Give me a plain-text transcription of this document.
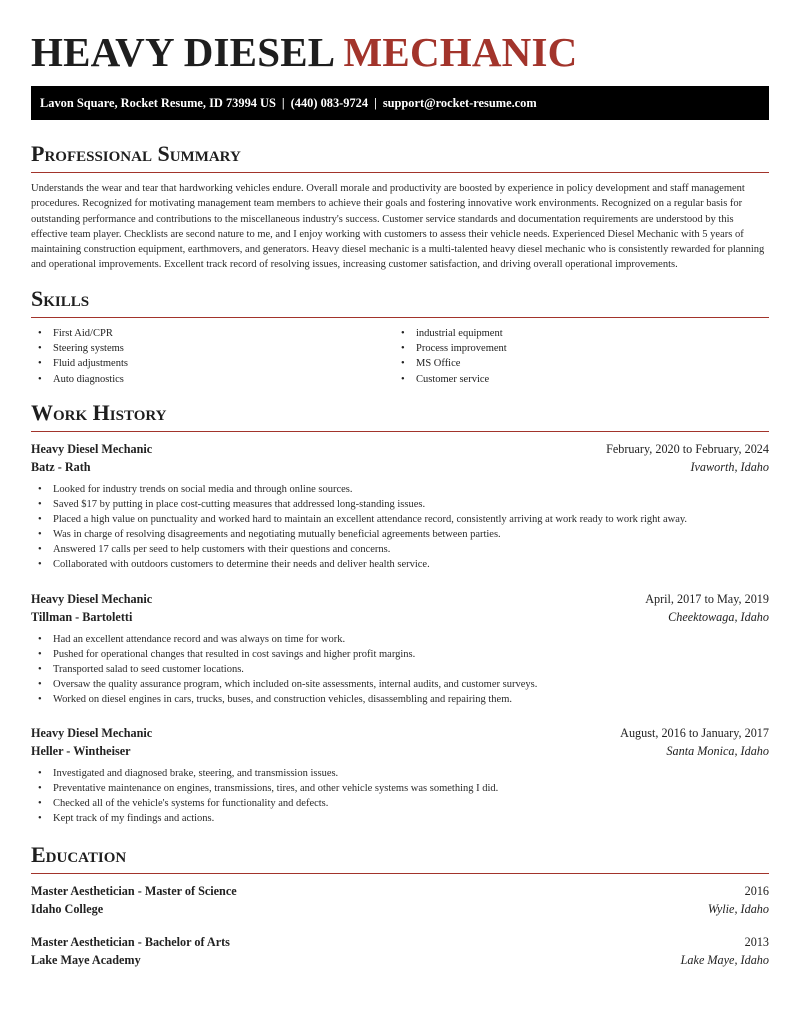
HEAVY DIESEL MECHANIC
Lavon Square, Rocket Resume, ID 73994 US | (440) 083-9724 | support@rocket-resume.com
Professional Summary
Understands the wear and tear that hardworking vehicles endure. Overall morale and productivity are boosted by experience in policy development and staff management procedures. Recognized for motivating management team members to achieve their goals and fostering innovative work environments. Recognized on a regular basis for outstanding performance and contributions to the miscellaneous industry's success. Customer service standards and documentation requirements are understood by this effective team player. Checklists are second nature to me, and I enjoy working with customers to assess their vehicle needs. Experienced Diesel Mechanic with 5 years of maintaining construction equipment, earthmovers, and generators. Heavy diesel mechanic is a multi-talented heavy diesel mechanic who is consistently rewarded for planning and operational improvements. Excellent track record of resolving issues, increasing customer satisfaction, and driving overall operational improvements.
Skills
• First Aid/CPR
• Steering systems
• Fluid adjustments
• Auto diagnostics
• industrial equipment
• Process improvement
• MS Office
• Customer service
Work History
Heavy Diesel Mechanic	February, 2020 to February, 2024
Batz - Rath	Ivaworth, Idaho
• Looked for industry trends on social media and through online sources.
• Saved $17 by putting in place cost-cutting measures that addressed long-standing issues.
• Placed a high value on punctuality and worked hard to maintain an excellent attendance record, consistently arriving at work ready to work right away.
• Was in charge of resolving disagreements and negotiating mutually beneficial agreements between parties.
• Answered 17 calls per seed to help customers with their questions and concerns.
• Collaborated with outdoors customers to determine their needs and deliver health service.
Heavy Diesel Mechanic	April, 2017 to May, 2019
Tillman - Bartoletti	Cheektowaga, Idaho
• Had an excellent attendance record and was always on time for work.
• Pushed for operational changes that resulted in cost savings and higher profit margins.
• Transported salad to seed customer locations.
• Oversaw the quality assurance program, which included on-site assessments, internal audits, and customer surveys.
• Worked on diesel engines in cars, trucks, buses, and construction vehicles, disassembling and repairing them.
Heavy Diesel Mechanic	August, 2016 to January, 2017
Heller - Wintheiser	Santa Monica, Idaho
• Investigated and diagnosed brake, steering, and transmission issues.
• Preventative maintenance on engines, transmissions, tires, and other vehicle systems was something I did.
• Checked all of the vehicle's systems for functionality and defects.
• Kept track of my findings and actions.
Education
Master Aesthetician - Master of Science	2016
Idaho College	Wylie, Idaho
Master Aesthetician - Bachelor of Arts	2013
Lake Maye Academy	Lake Maye, Idaho
